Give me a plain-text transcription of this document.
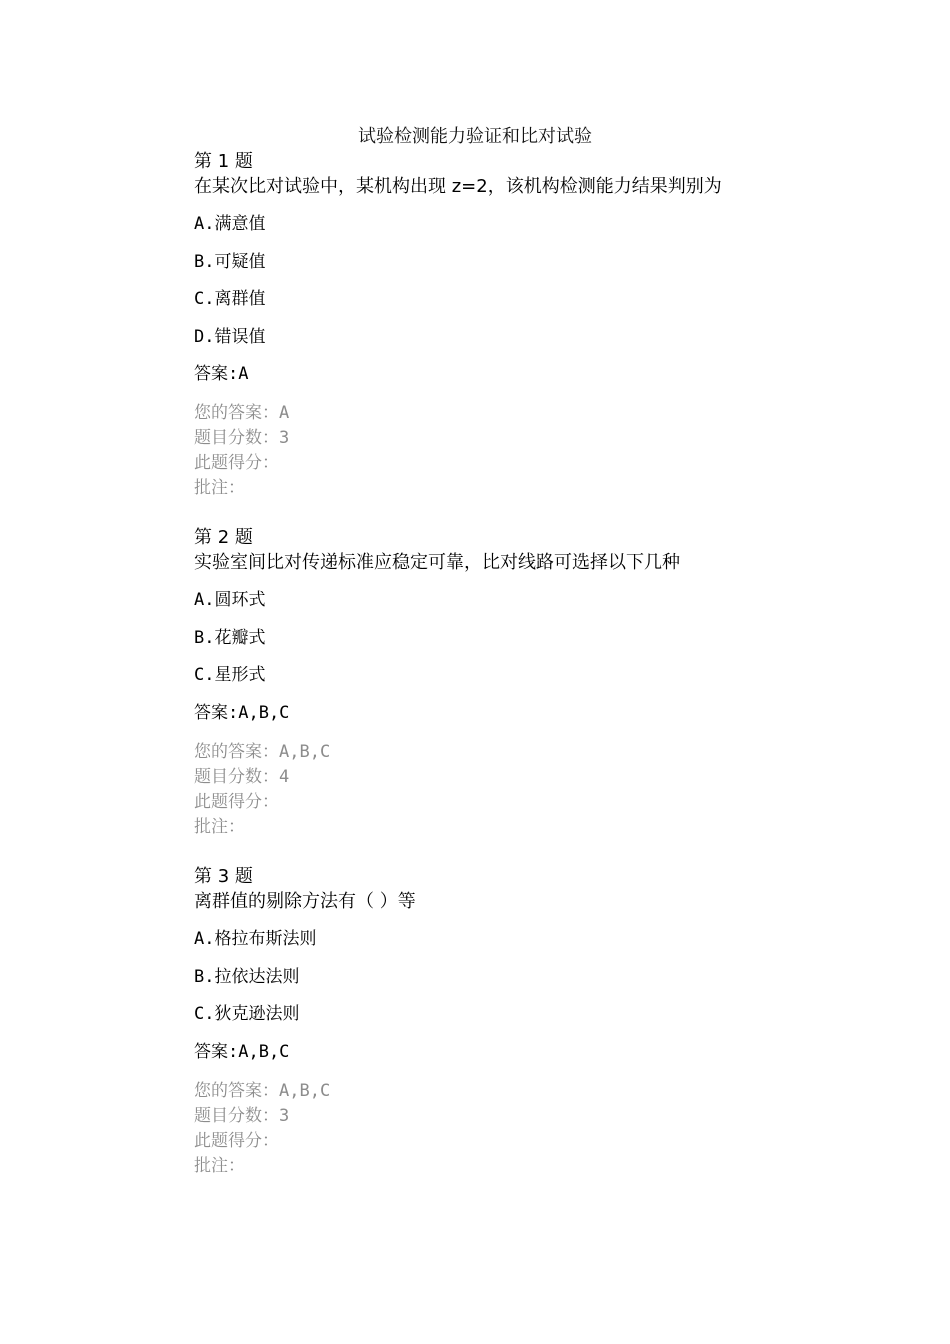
试验检测能力验证和比对试验
第 1 题
在某次比对试验中，某机构出现 z=2，该机构检测能力结果判别为
A.满意值
B.可疑值
C.离群值
D.错误值
答案:A
您的答案：A
题目分数：3
此题得分：
批注：
第 2 题
实验室间比对传递标准应稳定可靠，比对线路可选择以下几种
A.圆环式
B.花瓣式
C.星形式
答案:A,B,C
您的答案：A,B,C
题目分数：4
此题得分：
批注：
第 3 题
离群值的剔除方法有（ ）等
A.格拉布斯法则
B.拉依达法则
C.狄克逊法则
答案:A,B,C
您的答案：A,B,C
题目分数：3
此题得分：
批注：
